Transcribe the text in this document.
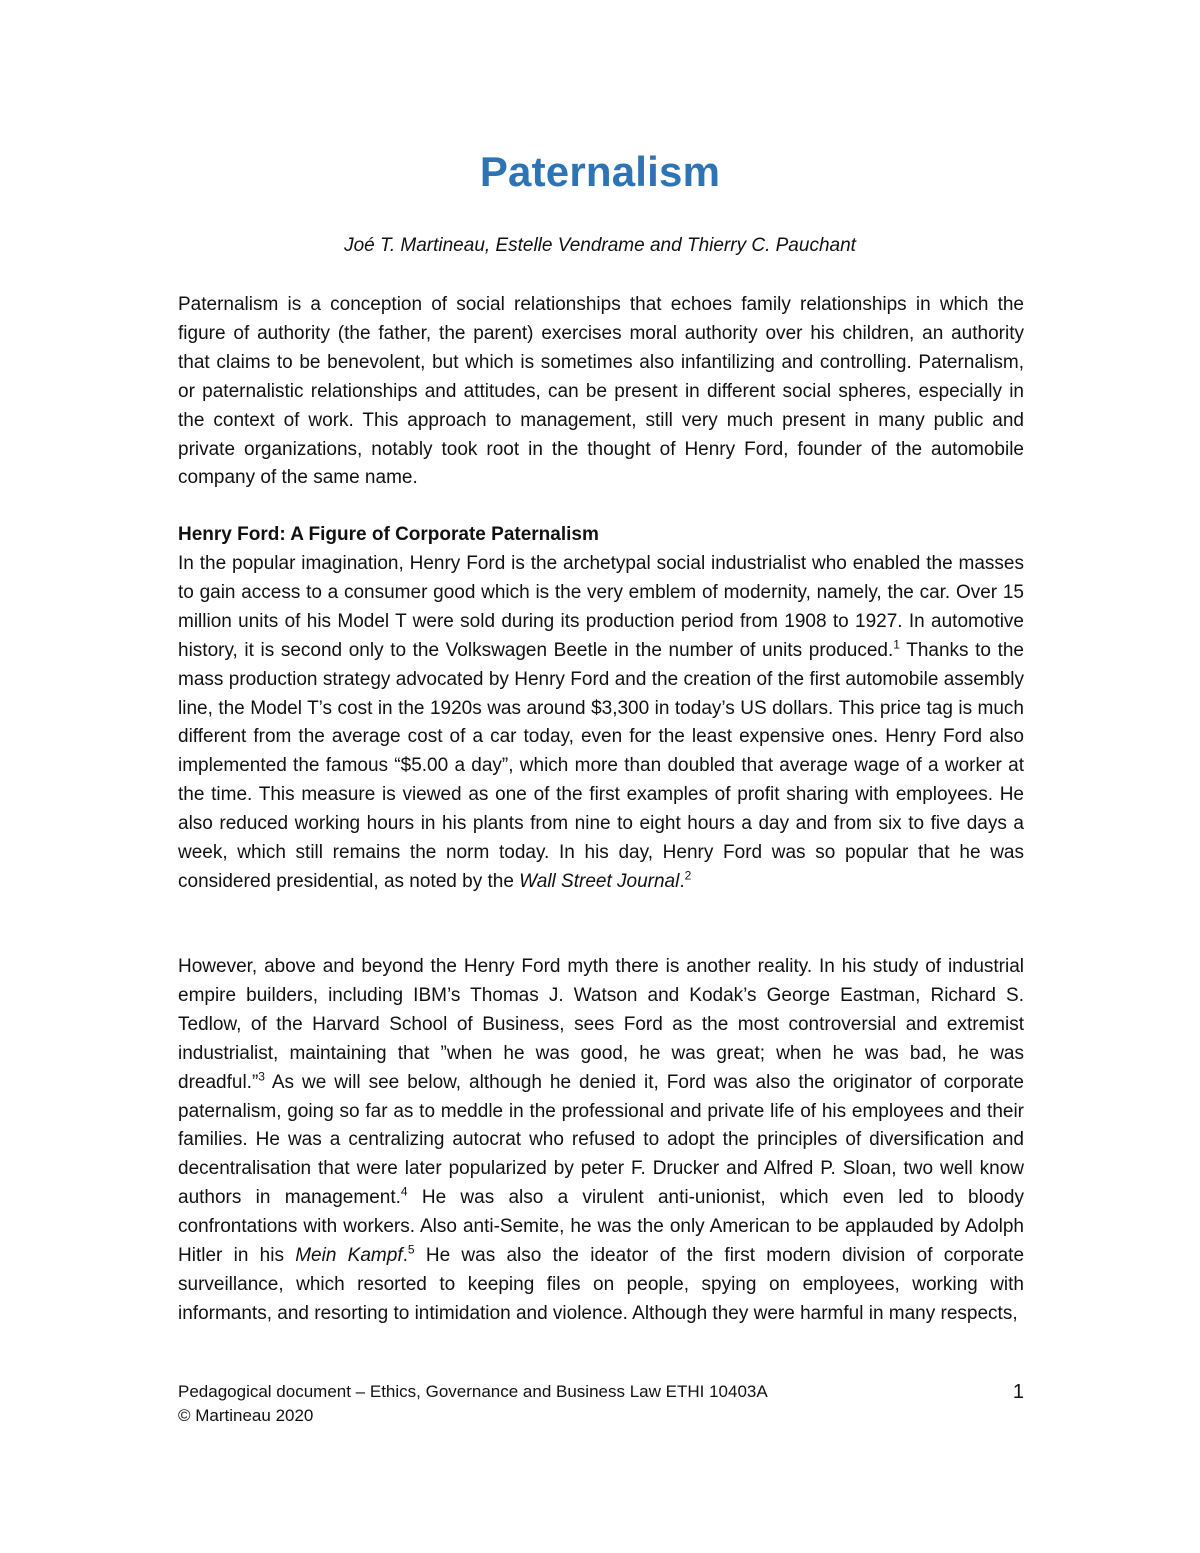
Paternalism

Joé T. Martineau, Estelle Vendrame and Thierry C. Pauchant

Paternalism is a conception of social relationships that echoes family relationships in which the figure of authority (the father, the parent) exercises moral authority over his children, an authority that claims to be benevolent, but which is sometimes also infantilizing and controlling. Paternalism, or paternalistic relationships and attitudes, can be present in different social spheres, especially in the context of work. This approach to management, still very much present in many public and private organizations, notably took root in the thought of Henry Ford, founder of the automobile company of the same name.

Henry Ford: A Figure of Corporate Paternalism

In the popular imagination, Henry Ford is the archetypal social industrialist who enabled the masses to gain access to a consumer good which is the very emblem of modernity, namely, the car. Over 15 million units of his Model T were sold during its production period from 1908 to 1927. In automotive history, it is second only to the Volkswagen Beetle in the number of units produced.$^1$ Thanks to the mass production strategy advocated by Henry Ford and the creation of the first automobile assembly line, the Model T’s cost in the 1920s was around $3,300 in today’s US dollars. This price tag is much different from the average cost of a car today, even for the least expensive ones. Henry Ford also implemented the famous “$5.00 a day”, which more than doubled that average wage of a worker at the time. This measure is viewed as one of the first examples of profit sharing with employees. He also reduced working hours in his plants from nine to eight hours a day and from six to five days a week, which still remains the norm today. In his day, Henry Ford was so popular that he was considered presidential, as noted by the Wall Street Journal.$^2$

However, above and beyond the Henry Ford myth there is another reality. In his study of industrial empire builders, including IBM’s Thomas J. Watson and Kodak’s George Eastman, Richard S. Tedlow, of the Harvard School of Business, sees Ford as the most controversial and extremist industrialist, maintaining that ”when he was good, he was great; when he was bad, he was dreadful.”$^3$ As we will see below, although he denied it, Ford was also the originator of corporate paternalism, going so far as to meddle in the professional and private life of his employees and their families. He was a centralizing autocrat who refused to adopt the principles of diversification and decentralisation that were later popularized by peter F. Drucker and Alfred P. Sloan, two well know authors in management.$^4$ He was also a virulent anti-unionist, which even led to bloody confrontations with workers. Also anti-Semite, he was the only American to be applauded by Adolph Hitler in his Mein Kampf.$^5$ He was also the ideator of the first modern division of corporate surveillance, which resorted to keeping files on people, spying on employees, working with informants, and resorting to intimidation and violence. Although they were harmful in many respects,

Pedagogical document – Ethics, Governance and Business Law ETHI 10403A
© Martineau 2020
1
